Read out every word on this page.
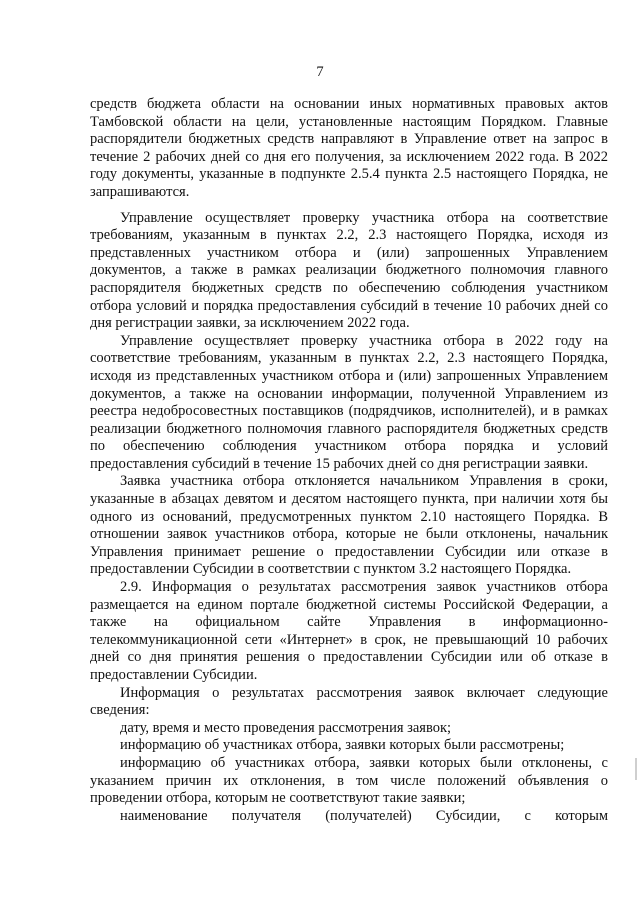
7

средств бюджета области на основании иных нормативных правовых актов Тамбовской области на цели, установленные настоящим Порядком. Главные распорядители бюджетных средств направляют в Управление ответ на запрос в течение 2 рабочих дней со дня его получения, за исключением 2022 года. В 2022 году документы, указанные в подпункте 2.5.4 пункта 2.5 настоящего Порядка, не запрашиваются.

Управление осуществляет проверку участника отбора на соответствие требованиям, указанным в пунктах 2.2, 2.3 настоящего Порядка, исходя из представленных участником отбора и (или) запрошенных Управлением документов, а также в рамках реализации бюджетного полномочия главного распорядителя бюджетных средств по обеспечению соблюдения участником отбора условий и порядка предоставления субсидий в течение 10 рабочих дней со дня регистрации заявки, за исключением 2022 года.

Управление осуществляет проверку участника отбора в 2022 году на соответствие требованиям, указанным в пунктах 2.2, 2.3 настоящего Порядка, исходя из представленных участником отбора и (или) запрошенных Управлением документов, а также на основании информации, полученной Управлением из реестра недобросовестных поставщиков (подрядчиков, исполнителей), и в рамках реализации бюджетного полномочия главного распорядителя бюджетных средств по обеспечению соблюдения участником отбора порядка и условий предоставления субсидий в течение 15 рабочих дней со дня регистрации заявки.

Заявка участника отбора отклоняется начальником Управления в сроки, указанные в абзацах девятом и десятом настоящего пункта, при наличии хотя бы одного из оснований, предусмотренных пунктом 2.10 настоящего Порядка. В отношении заявок участников отбора, которые не были отклонены, начальник Управления принимает решение о предоставлении Субсидии или отказе в предоставлении Субсидии в соответствии с пунктом 3.2 настоящего Порядка.

2.9. Информация о результатах рассмотрения заявок участников отбора размещается на едином портале бюджетной системы Российской Федерации, а также на официальном сайте Управления в информационно-телекоммуникационной сети «Интернет» в срок, не превышающий 10 рабочих дней со дня принятия решения о предоставлении Субсидии или об отказе в предоставлении Субсидии.

Информация о результатах рассмотрения заявок включает следующие сведения:

дату, время и место проведения рассмотрения заявок;

информацию об участниках отбора, заявки которых были рассмотрены;

информацию об участниках отбора, заявки которых были отклонены, с указанием причин их отклонения, в том числе положений объявления о проведении отбора, которым не соответствуют такие заявки;

наименование получателя (получателей) Субсидии, с которым
